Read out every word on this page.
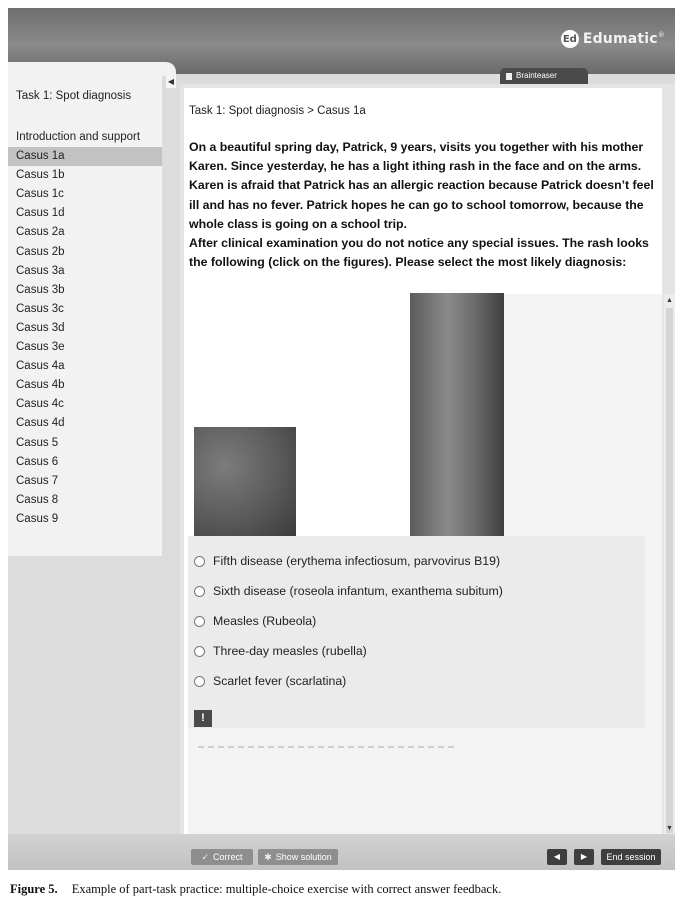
Ed Edumatic®
Task 1: Spot diagnosis
Introduction and support
Casus 1a
Casus 1b
Casus 1c
Casus 1d
Casus 2a
Casus 2b
Casus 3a
Casus 3b
Casus 3c
Casus 3d
Casus 3e
Casus 4a
Casus 4b
Casus 4c
Casus 4d
Casus 5
Casus 6
Casus 7
Casus 8
Casus 9
◀
Brainteaser
Task 1: Spot diagnosis > Casus 1a

On a beautiful spring day, Patrick, 9 years, visits you together with his mother Karen. Since yesterday, he has a light ithing rash in the face and on the arms.

Karen is afraid that Patrick has an allergic reaction because Patrick doesn’t feel ill and has no fever. Patrick hopes he can go to school tomorrow, because the whole class is going on a school trip.

After clinical examination you do not notice any special issues. The rash looks the following (click on the figures). Please select the most likely diagnosis:

▲
▼
Fifth disease (erythema infectiosum, parvovirus B19)
Sixth disease (roseola infantum, exanthema subitum)
Measles (Rubeola)
Three-day measles (rubella)
Scarlet fever (scarlatina)
!
✓ Correct ✱ Show solution	◀	▶	End session
Figure 5. Example of part-task practice: multiple-choice exercise with correct answer feedback.
